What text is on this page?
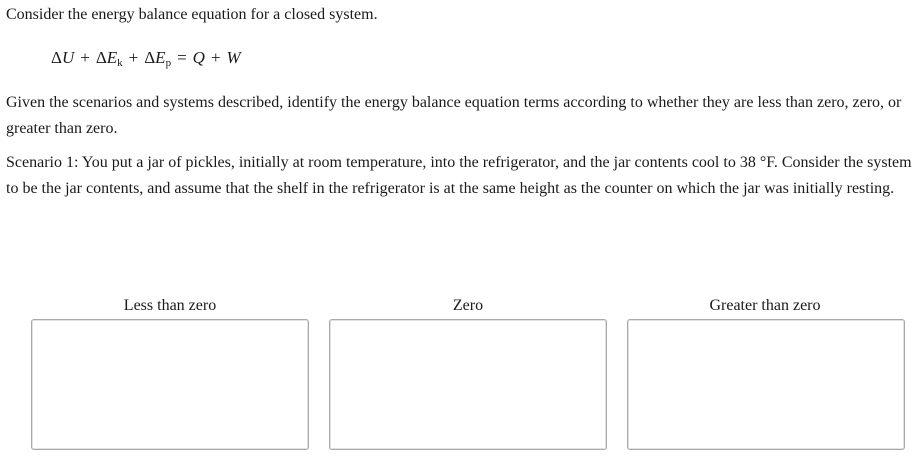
Consider the energy balance equation for a closed system.
$\Delta U + \Delta E_k + \Delta E_p = Q + W$
Given the scenarios and systems described, identify the energy balance equation terms according to whether they are less than zero, zero, or greater than zero.
Scenario 1: You put a jar of pickles, initially at room temperature, into the refrigerator, and the jar contents cool to 38 °F. Consider the system to be the jar contents, and assume that the shelf in the refrigerator is at the same height as the counter on which the jar was initially resting.
Less than zero	Zero	Greater than zero
